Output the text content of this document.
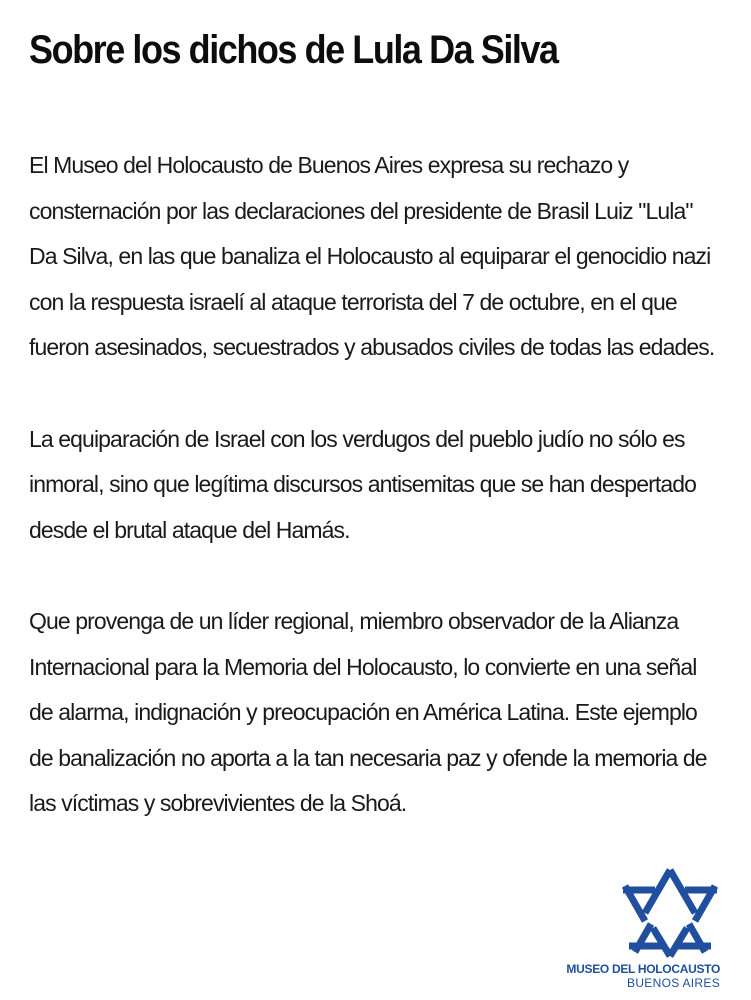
Sobre los dichos de Lula Da Silva

El Museo del Holocausto de Buenos Aires expresa su rechazo y consternación por las declaraciones del presidente de Brasil Luiz "Lula" Da Silva, en las que banaliza el Holocausto al equiparar el genocidio nazi con la respuesta israelí al ataque terrorista del 7 de octubre, en el que fueron asesinados, secuestrados y abusados civiles de todas las edades.

La equiparación de Israel con los verdugos del pueblo judío no sólo es inmoral, sino que legítima discursos antisemitas que se han despertado desde el brutal ataque del Hamás.

Que provenga de un líder regional, miembro observador de la Alianza Internacional para la Memoria del Holocausto, lo convierte en una señal de alarma, indignación y preocupación en América Latina. Este ejemplo de banalización no aporta a la tan necesaria paz y ofende la memoria de las víctimas y sobrevivientes de la Shoá.

MUSEO DEL HOLOCAUSTO
BUENOS AIRES
